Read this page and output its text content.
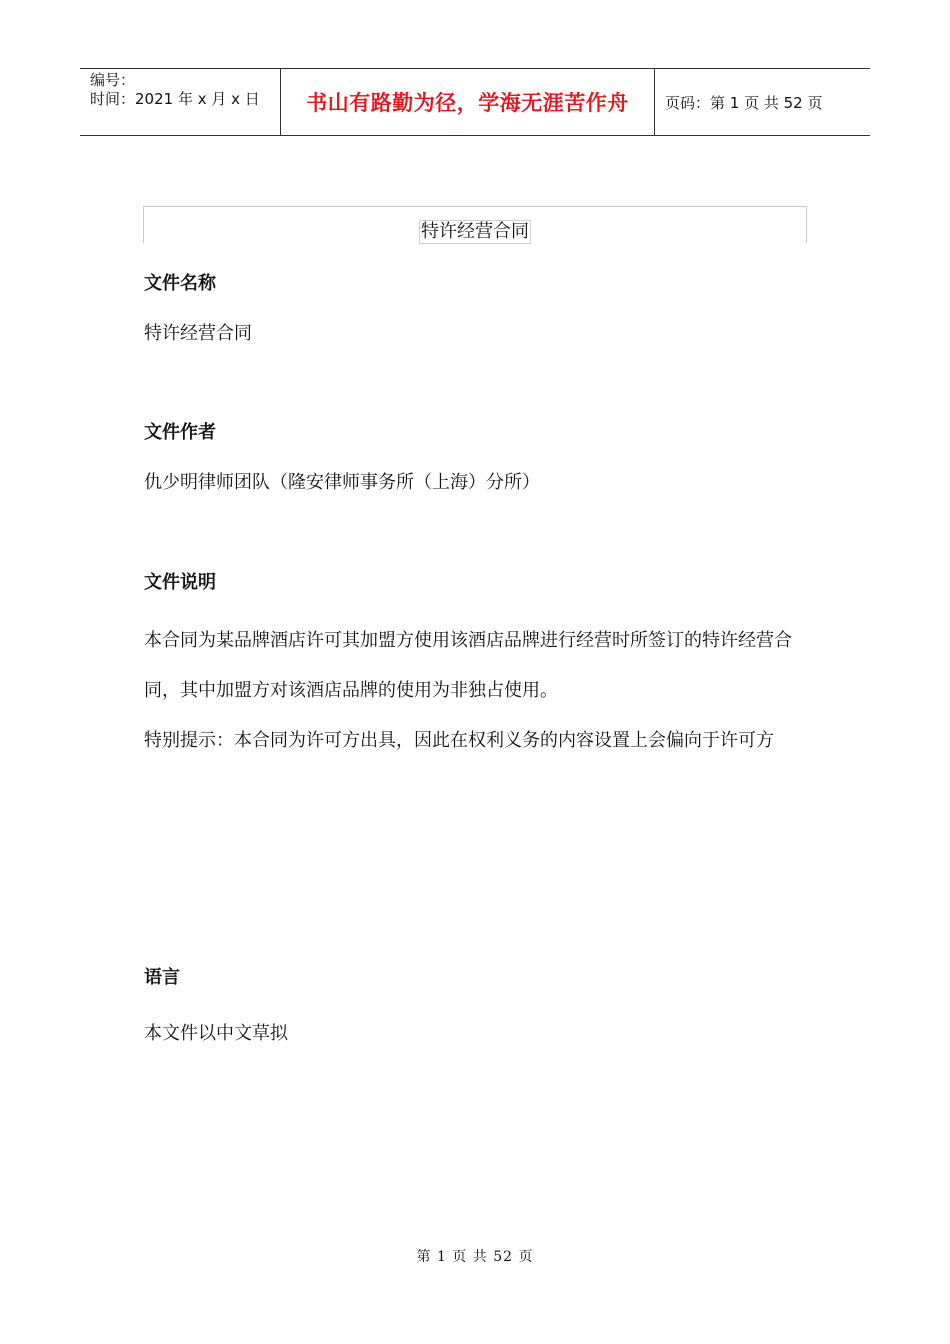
编号：
时间：2021 年 x 月 x 日	书山有路勤为径，学海无涯苦作舟 页码：第 1 页 共 52 页
特许经营合同
文件名称
特许经营合同
文件作者
仇少明律师团队（隆安律师事务所（上海）分所）
文件说明
本合同为某品牌酒店许可其加盟方使用该酒店品牌进行经营时所签订的特许经营合同，其中加盟方对该酒店品牌的使用为非独占使用。
特别提示：本合同为许可方出具，因此在权利义务的内容设置上会偏向于许可方
语言
本文件以中文草拟
第 1 页 共 52 页
